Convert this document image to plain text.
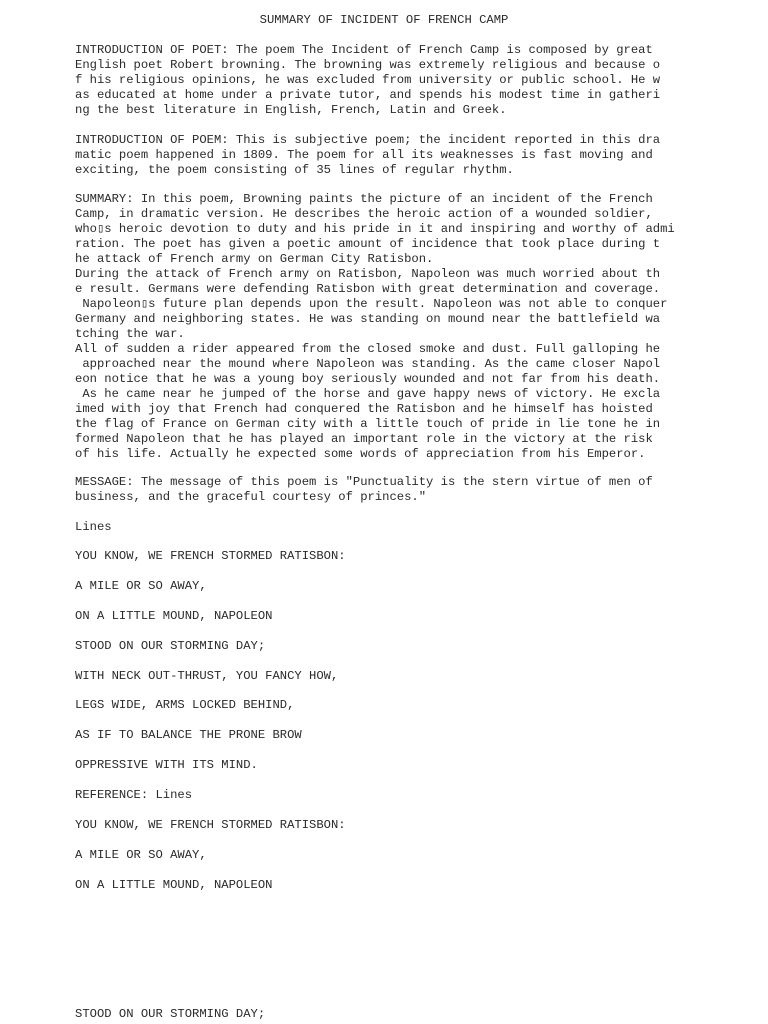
SUMMARY OF INCIDENT OF FRENCH CAMP
INTRODUCTION OF POET: The poem The Incident of French Camp is composed by great
English poet Robert browning. The browning was extremely religious and because o
f his religious opinions, he was excluded from university or public school. He w
as educated at home under a private tutor, and spends his modest time in gatheri
ng the best literature in English, French, Latin and Greek.
INTRODUCTION OF POEM: This is subjective poem; the incident reported in this dra
matic poem happened in 1809. The poem for all its weaknesses is fast moving and
exciting, the poem consisting of 35 lines of regular rhythm.
SUMMARY: In this poem, Browning paints the picture of an incident of the French
Camp, in dramatic version. He describes the heroic action of a wounded soldier,
who▯s heroic devotion to duty and his pride in it and inspiring and worthy of admi
ration. The poet has given a poetic amount of incidence that took place during t
he attack of French army on German City Ratisbon.
During the attack of French army on Ratisbon, Napoleon was much worried about th
e result. Germans were defending Ratisbon with great determination and coverage.
Napoleon▯s future plan depends upon the result. Napoleon was not able to conquer
Germany and neighboring states. He was standing on mound near the battlefield wa
tching the war.
All of sudden a rider appeared from the closed smoke and dust. Full galloping he
approached near the mound where Napoleon was standing. As the came closer Napol
eon notice that he was a young boy seriously wounded and not far from his death.
As he came near he jumped of the horse and gave happy news of victory. He excla
imed with joy that French had conquered the Ratisbon and he himself has hoisted
the flag of France on German city with a little touch of pride in lie tone he in
formed Napoleon that he has played an important role in the victory at the risk
of his life. Actually he expected some words of appreciation from his Emperor.
MESSAGE: The message of this poem is "Punctuality is the stern virtue of men of
business, and the graceful courtesy of princes."
Lines
YOU KNOW, WE FRENCH STORMED RATISBON:
A MILE OR SO AWAY,
ON A LITTLE MOUND, NAPOLEON
STOOD ON OUR STORMING DAY;
WITH NECK OUT-THRUST, YOU FANCY HOW,
LEGS WIDE, ARMS LOCKED BEHIND,
AS IF TO BALANCE THE PRONE BROW
OPPRESSIVE WITH ITS MIND.
REFERENCE: Lines
YOU KNOW, WE FRENCH STORMED RATISBON:
A MILE OR SO AWAY,
ON A LITTLE MOUND, NAPOLEON
STOOD ON OUR STORMING DAY;
